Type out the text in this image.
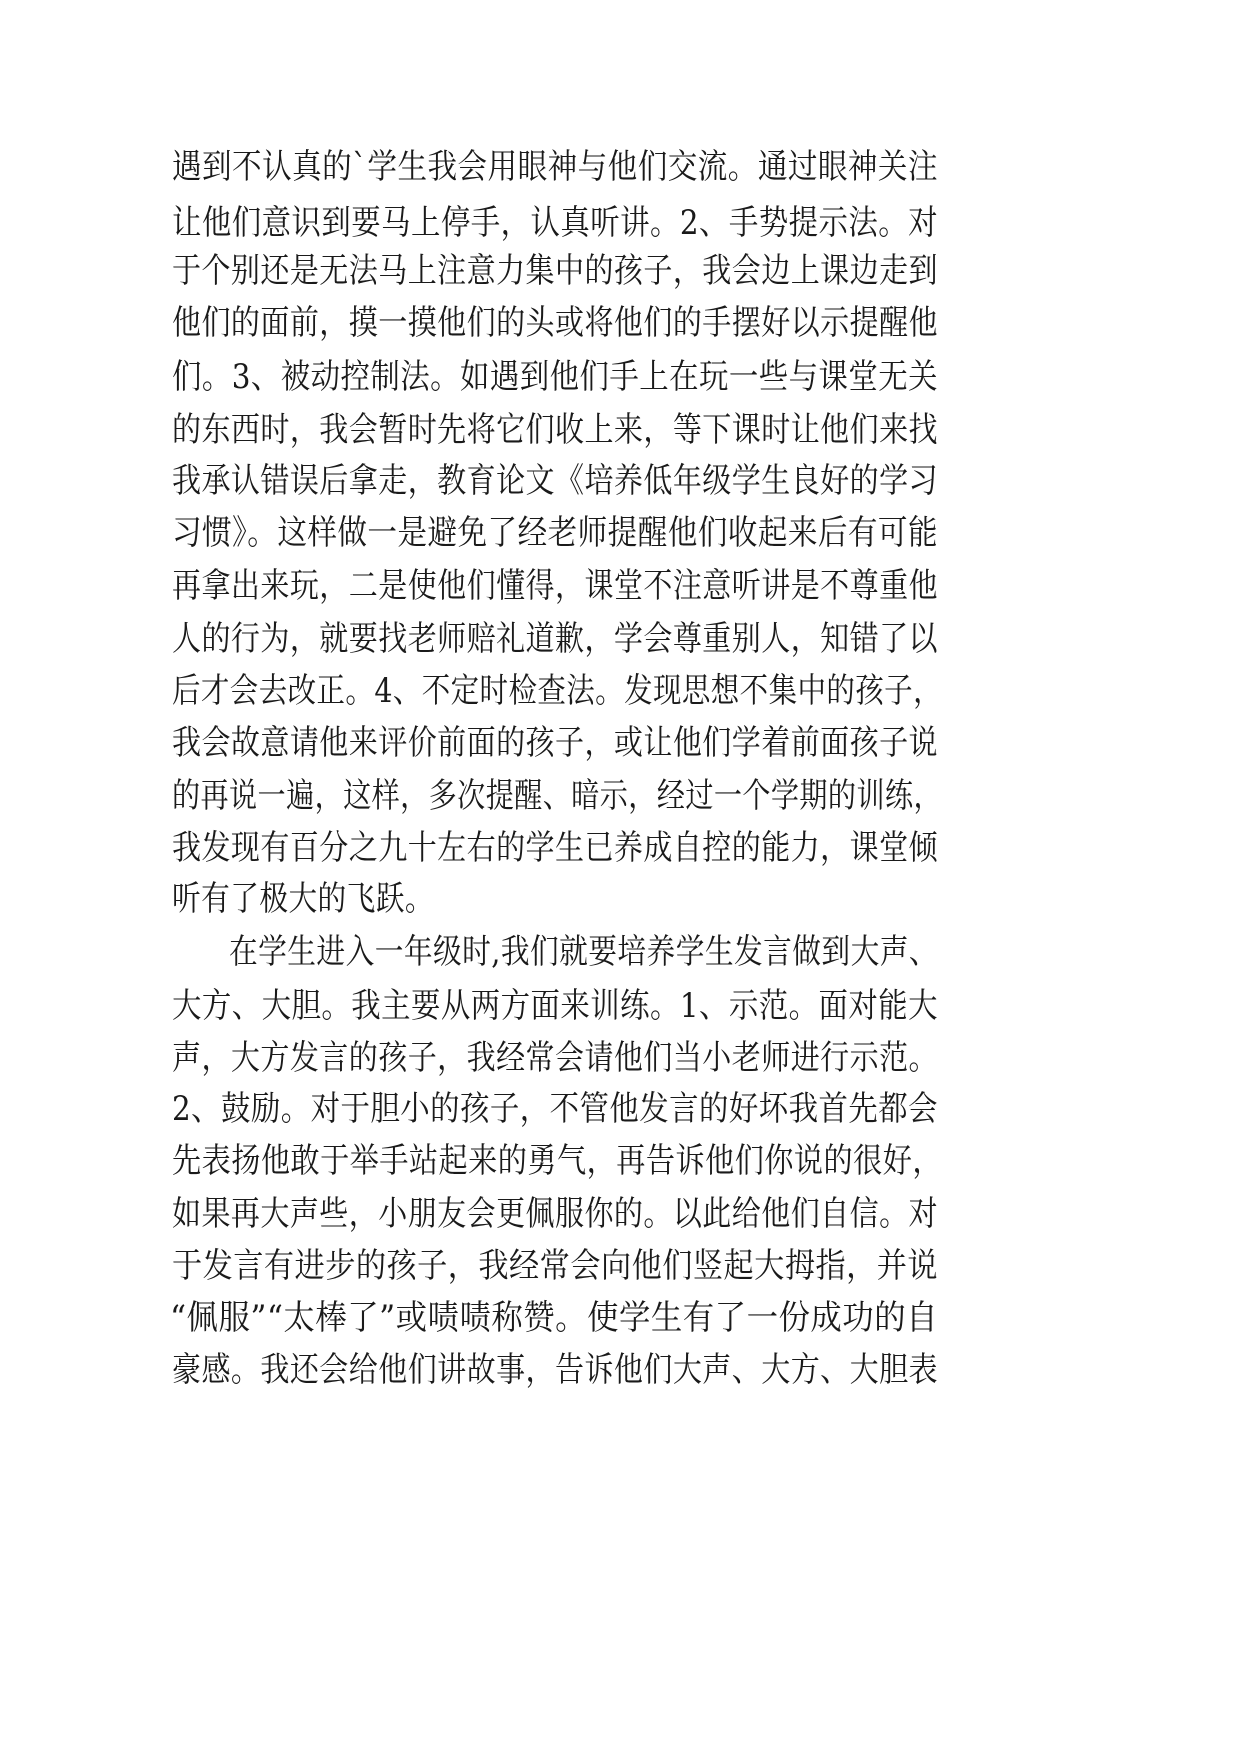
遇到不认真的`学生我会用眼神与他们交流。通过眼神关注
让他们意识到要马上停手，认真听讲。2、手势提示法。对
于个别还是无法马上注意力集中的孩子，我会边上课边走到
他们的面前，摸一摸他们的头或将他们的手摆好以示提醒他
们。3、被动控制法。如遇到他们手上在玩一些与课堂无关
的东西时，我会暂时先将它们收上来，等下课时让他们来找
我承认错误后拿走，教育论文《培养低年级学生良好的学习
习惯》。这样做一是避免了经老师提醒他们收起来后有可能
再拿出来玩，二是使他们懂得，课堂不注意听讲是不尊重他
人的行为，就要找老师赔礼道歉，学会尊重别人，知错了以
后才会去改正。4、不定时检查法。发现思想不集中的孩子，
我会故意请他来评价前面的孩子，或让他们学着前面孩子说
的再说一遍，这样，多次提醒、暗示，经过一个学期的训练，
我发现有百分之九十左右的学生已养成自控的能力，课堂倾
听有了极大的飞跃。
在学生进入一年级时,我们就要培养学生发言做到大声、
大方、大胆。我主要从两方面来训练。1、示范。面对能大
声，大方发言的孩子，我经常会请他们当小老师进行示范。
2、鼓励。对于胆小的孩子，不管他发言的好坏我首先都会
先表扬他敢于举手站起来的勇气，再告诉他们你说的很好，
如果再大声些，小朋友会更佩服你的。以此给他们自信。对
于发言有进步的孩子，我经常会向他们竖起大拇指，并说
“佩服”“太棒了”或啧啧称赞。使学生有了一份成功的自
豪感。我还会给他们讲故事，告诉他们大声、大方、大胆表
